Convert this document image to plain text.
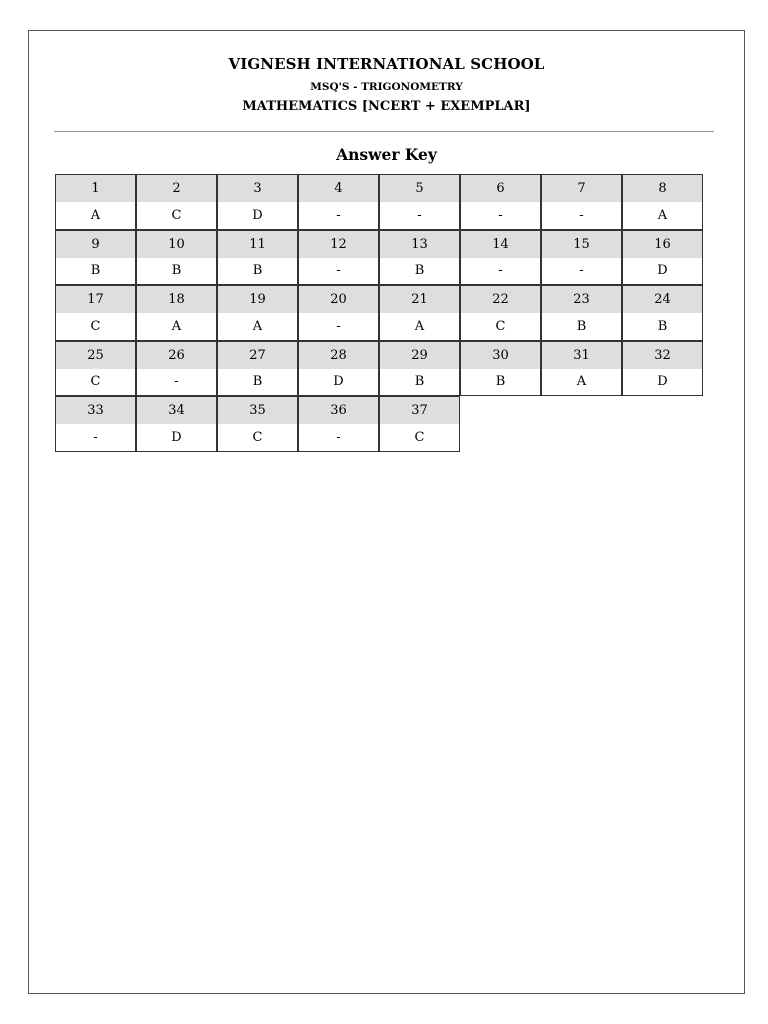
VIGNESH INTERNATIONAL SCHOOL
MSQ'S - TRIGONOMETRY
MATHEMATICS [NCERT + EXEMPLAR]
Answer Key
1
A
2
C
3
D
4
-
5
-
6
-
7
-
8
A
9
B
10
B
11
B
12
-
13
B
14
-
15
-
16
D
17
C
18
A
19
A
20
-
21
A
22
C
23
B
24
B
25
C
26
-
27
B
28
D
29
B
30
B
31
A
32
D
33
-
34
D
35
C
36
-
37
C
